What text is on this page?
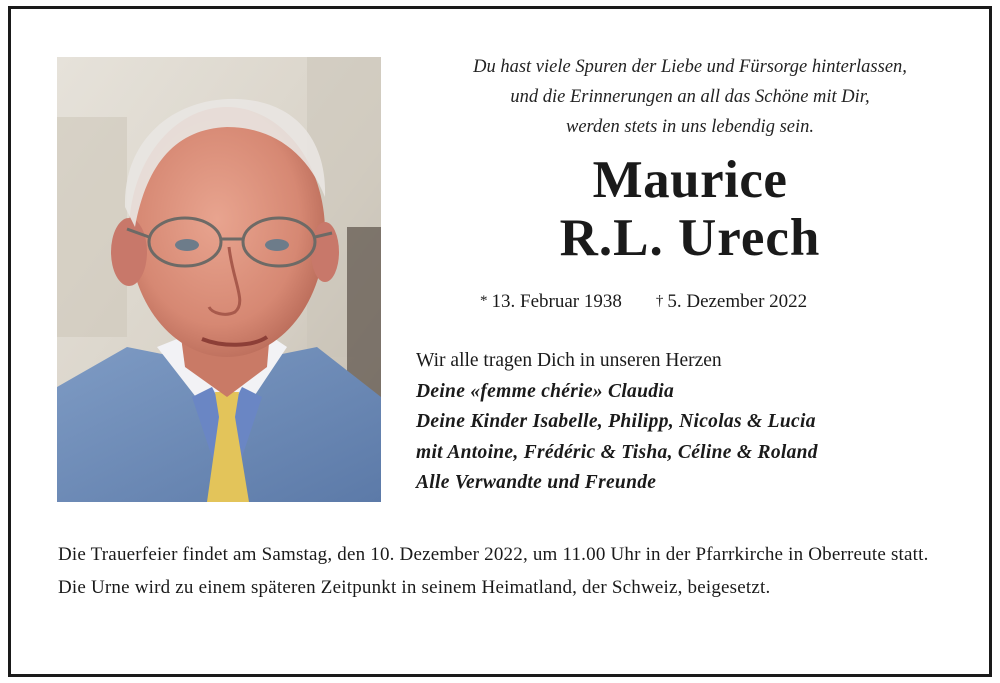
Du hast viele Spuren der Liebe und Fürsorge hinterlassen,
und die Erinnerungen an all das Schöne mit Dir,
werden stets in uns lebendig sein.
Maurice
R.L. Urech
* 13. Februar 1938 † 5. Dezember 2022
Wir alle tragen Dich in unseren Herzen
Deine «femme chérie» Claudia
Deine Kinder Isabelle, Philipp, Nicolas & Lucia
mit Antoine, Frédéric & Tisha, Céline & Roland
Alle Verwandte und Freunde

Die Trauerfeier findet am Samstag, den 10. Dezember 2022, um 11.00 Uhr in der Pfarrkirche in Oberreute statt.

Die Urne wird zu einem späteren Zeitpunkt in seinem Heimatland, der Schweiz, beigesetzt.
